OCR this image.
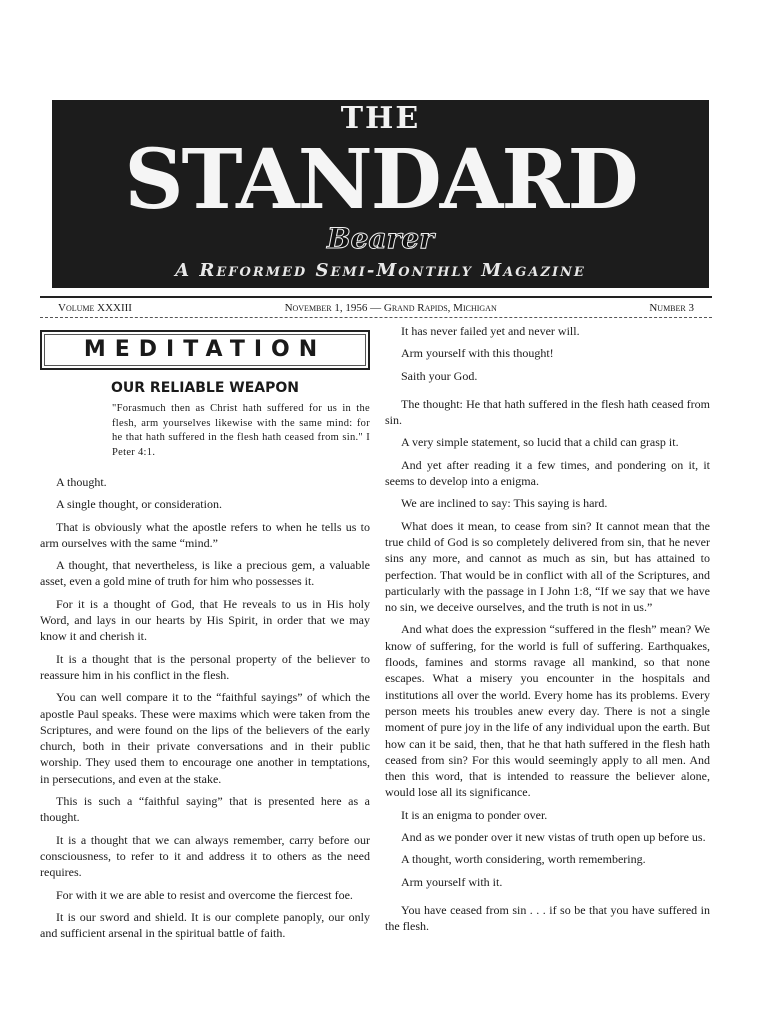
THE
STANDARD
Bearer
A Reformed Semi-Monthly Magazine
Volume XXXIII	November 1, 1956 — Grand Rapids, Michigan	Number 3
MEDITATION
OUR RELIABLE WEAPON
"Forasmuch then as Christ hath suffered for us in the flesh, arm yourselves likewise with the same mind: for he that hath suffered in the flesh hath ceased from sin." I Peter 4:1.

A thought.

A single thought, or consideration.

That is obviously what the apostle refers to when he tells us to arm ourselves with the same “mind.”

A thought, that nevertheless, is like a precious gem, a valuable asset, even a gold mine of truth for him who possesses it.

For it is a thought of God, that He reveals to us in His holy Word, and lays in our hearts by His Spirit, in order that we may know it and cherish it.

It is a thought that is the personal property of the believer to reassure him in his conflict in the flesh.

You can well compare it to the “faithful sayings” of which the apostle Paul speaks. These were maxims which were taken from the Scriptures, and were found on the lips of the believers of the early church, both in their private conversations and in their public worship. They used them to encourage one another in temptations, in persecutions, and even at the stake.

This is such a “faithful saying” that is presented here as a thought.

It is a thought that we can always remember, carry before our consciousness, to refer to it and address it to others as the need requires.

For with it we are able to resist and overcome the fiercest foe.

It is our sword and shield. It is our complete panoply, our only and sufficient arsenal in the spiritual battle of faith.

It has never failed yet and never will.

Arm yourself with this thought!

Saith your God.

The thought: He that hath suffered in the flesh hath ceased from sin.

A very simple statement, so lucid that a child can grasp it.

And yet after reading it a few times, and pondering on it, it seems to develop into a enigma.

We are inclined to say: This saying is hard.

What does it mean, to cease from sin? It cannot mean that the true child of God is so completely delivered from sin, that he never sins any more, and cannot as much as sin, but has attained to perfection. That would be in conflict with all of the Scriptures, and particularly with the passage in I John 1:8, “If we say that we have no sin, we deceive ourselves, and the truth is not in us.”

And what does the expression “suffered in the flesh” mean? We know of suffering, for the world is full of suffering. Earthquakes, floods, famines and storms ravage all mankind, so that none escapes. What a misery you encounter in the hospitals and institutions all over the world. Every home has its problems. Every person meets his troubles anew every day. There is not a single moment of pure joy in the life of any individual upon the earth. But how can it be said, then, that he that hath suffered in the flesh hath ceased from sin? For this would seemingly apply to all men. And then this word, that is intended to reassure the believer alone, would lose all its significance.

It is an enigma to ponder over.

And as we ponder over it new vistas of truth open up before us.

A thought, worth considering, worth remembering.

Arm yourself with it.

You have ceased from sin . . . if so be that you have suffered in the flesh.
